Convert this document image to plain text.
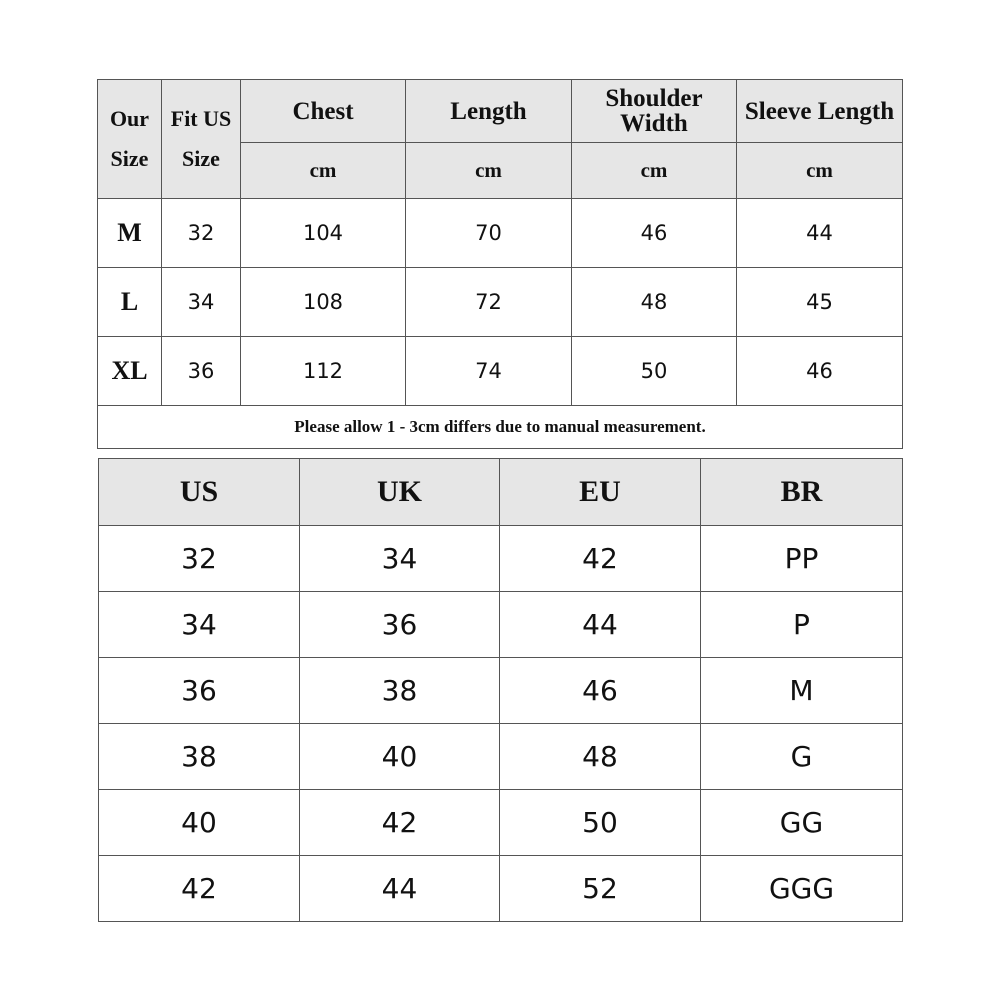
Our Size	Fit US Size	Chest	Length	Shoulder Width	Sleeve Length
		cm	cm	cm	cm
M	32	104	70	46	44
L	34	108	72	48	45
XL	36	112	74	50	46
Please allow 1 - 3cm differs due to manual measurement.					
US	UK	EU	BR
32	34	42	PP
34	36	44	P
36	38	46	M
38	40	48	G
40	42	50	GG
42	44	52	GGG
